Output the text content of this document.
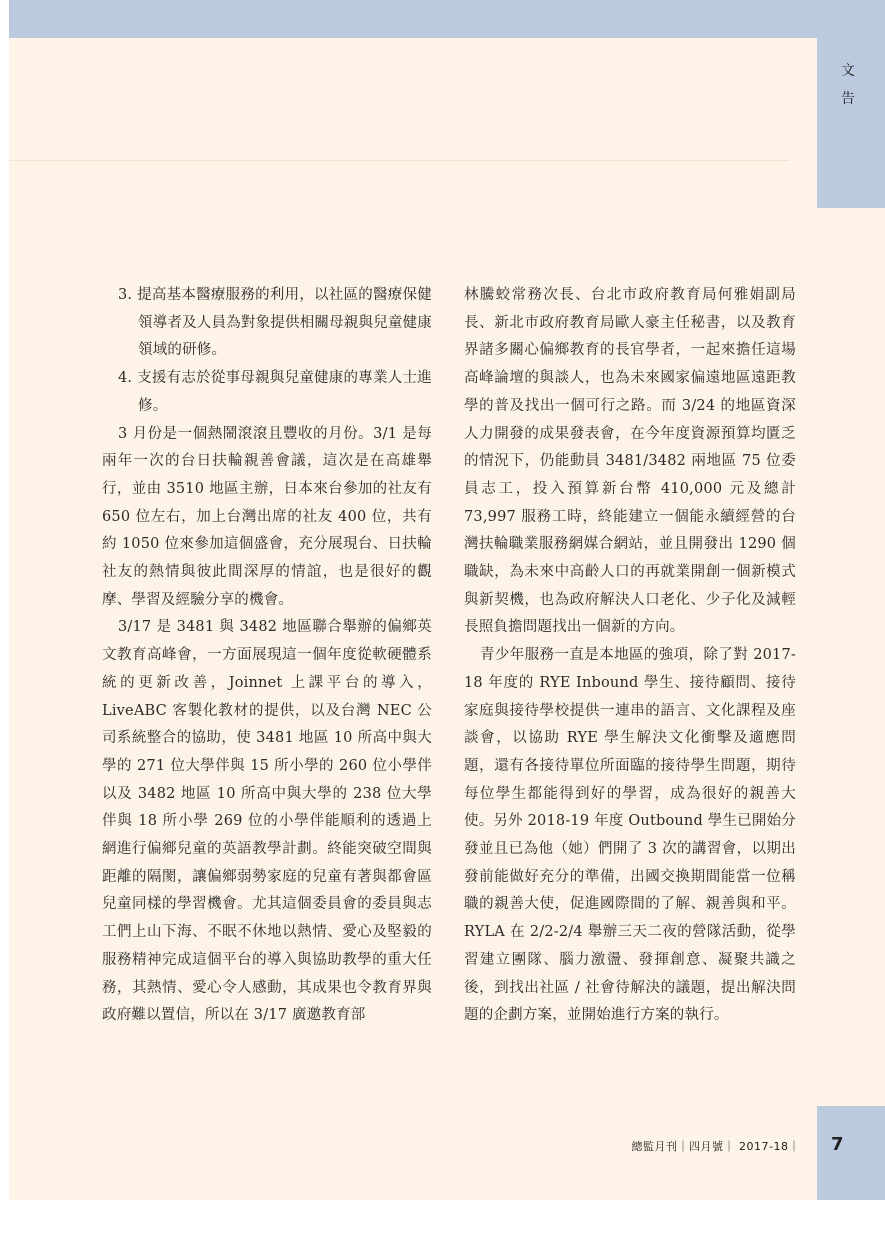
文
告

3. 提高基本醫療服務的利用，以社區的醫療保健領導者及人員為對象提供相關母親與兒童健康領域的研修。

4. 支援有志於從事母親與兒童健康的專業人士進修。

3 月份是一個熱鬧滾滾且豐收的月份。3/1 是每兩年一次的台日扶輪親善會議，這次是在高雄舉行，並由 3510 地區主辦，日本來台參加的社友有 650 位左右，加上台灣出席的社友 400 位，共有約 1050 位來參加這個盛會，充分展現台、日扶輪社友的熱情與彼此間深厚的情誼，也是很好的觀摩、學習及經驗分享的機會。

3/17 是 3481 與 3482 地區聯合舉辦的偏鄉英文教育高峰會，一方面展現這一個年度從軟硬體系統的更新改善，Joinnet 上課平台的導入，LiveABC 客製化教材的提供，以及台灣 NEC 公司系統整合的協助，使 3481 地區 10 所高中與大學的 271 位大學伴與 15 所小學的 260 位小學伴以及 3482 地區 10 所高中與大學的 238 位大學伴與 18 所小學 269 位的小學伴能順利的透過上網進行偏鄉兒童的英語教學計劃。終能突破空間與距離的隔閡，讓偏鄉弱勢家庭的兒童有著與都會區兒童同樣的學習機會。尤其這個委員會的委員與志工們上山下海、不眠不休地以熱情、愛心及堅毅的服務精神完成這個平台的導入與協助教學的重大任務，其熱情、愛心令人感動，其成果也令教育界與政府難以置信，所以在 3/17 廣邀教育部

林騰蛟常務次長、台北市政府教育局何雅娟副局長、新北市政府教育局歐人豪主任秘書，以及教育界諸多關心偏鄉教育的長官學者，一起來擔任這場高峰論壇的與談人，也為未來國家偏遠地區遠距教學的普及找出一個可行之路。而 3/24 的地區資深人力開發的成果發表會，在今年度資源預算均匱乏的情況下，仍能動員 3481/3482 兩地區 75 位委員志工，投入預算新台幣 410,000 元及總計 73,997 服務工時，終能建立一個能永續經營的台灣扶輪職業服務網媒合網站，並且開發出 1290 個職缺，為未來中高齡人口的再就業開創一個新模式與新契機，也為政府解決人口老化、少子化及減輕長照負擔問題找出一個新的方向。

青少年服務一直是本地區的強項，除了對 2017-18 年度的 RYE Inbound 學生、接待顧問、接待家庭與接待學校提供一連串的語言、文化課程及座談會，以協助 RYE 學生解決文化衝擊及適應問題，還有各接待單位所面臨的接待學生問題，期待每位學生都能得到好的學習，成為很好的親善大使。另外 2018-19 年度 Outbound 學生已開始分發並且已為他（她）們開了 3 次的講習會，以期出發前能做好充分的準備，出國交換期間能當一位稱職的親善大使，促進國際間的了解、親善與和平。RYLA 在 2/2-2/4 舉辦三天二夜的營隊活動，從學習建立團隊、腦力激盪、發揮創意、凝聚共識之後，到找出社區 / 社會待解決的議題，提出解決問題的企劃方案，並開始進行方案的執行。

總監月刊｜四月號｜ 2017-18｜ 7
